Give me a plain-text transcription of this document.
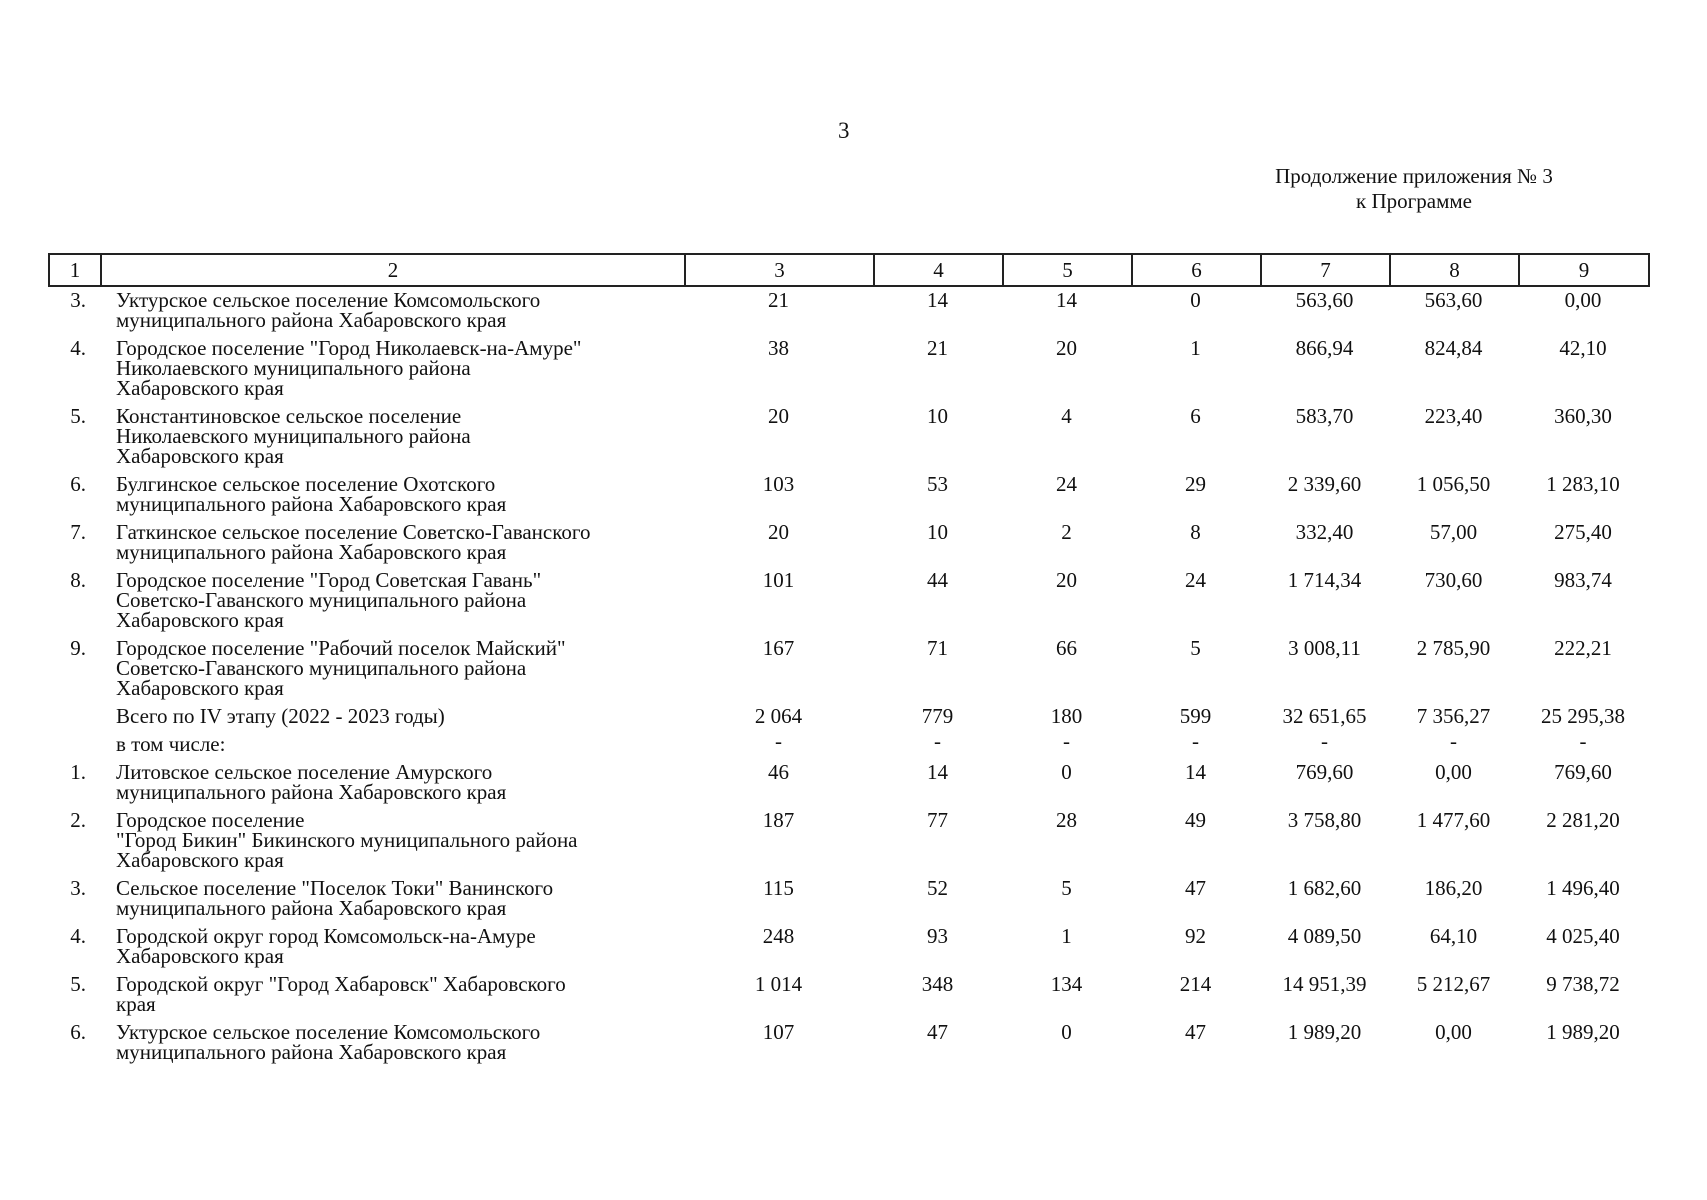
3
Продолжение приложения № 3
к Программе
1	2	3	4	5	6	7	8	9
3.	Уктурское сельское поселение Комсомольского
муниципального района Хабаровского края	21	14	14	0	563,60	563,60	0,00
4.	Городское поселение "Город Николаевск-на-Амуре"
Николаевского муниципального района
Хабаровского края	38	21	20	1	866,94	824,84	42,10
5.	Константиновское сельское поселение
Николаевского муниципального района
Хабаровского края	20	10	4	6	583,70	223,40	360,30
6.	Булгинское сельское поселение Охотского
муниципального района Хабаровского края	103	53	24	29	2 339,60	1 056,50	1 283,10
7.	Гаткинское сельское поселение Советско-Гаванского
муниципального района Хабаровского края	20	10	2	8	332,40	57,00	275,40
8.	Городское поселение "Город Советская Гавань"
Советско-Гаванского муниципального района
Хабаровского края	101	44	20	24	1 714,34	730,60	983,74
9.	Городское поселение "Рабочий поселок Майский"
Советско-Гаванского муниципального района
Хабаровского края	167	71	66	5	3 008,11	2 785,90	222,21
	Всего по IV этапу (2022 - 2023 годы)	2 064	779	180	599	32 651,65	7 356,27	25 295,38
	в том числе:	-	-	-	-	-	-	-
1.	Литовское сельское поселение Амурского
муниципального района Хабаровского края	46	14	0	14	769,60	0,00	769,60
2.	Городское поселение
"Город Бикин" Бикинского муниципального района
Хабаровского края	187	77	28	49	3 758,80	1 477,60	2 281,20
3.	Сельское поселение "Поселок Токи" Ванинского
муниципального района Хабаровского края	115	52	5	47	1 682,60	186,20	1 496,40
4.	Городской округ город Комсомольск-на-Амуре
Хабаровского края	248	93	1	92	4 089,50	64,10	4 025,40
5.	Городской округ "Город Хабаровск" Хабаровского
края	1 014	348	134	214	14 951,39	5 212,67	9 738,72
6.	Уктурское сельское поселение Комсомольского
муниципального района Хабаровского края	107	47	0	47	1 989,20	0,00	1 989,20
